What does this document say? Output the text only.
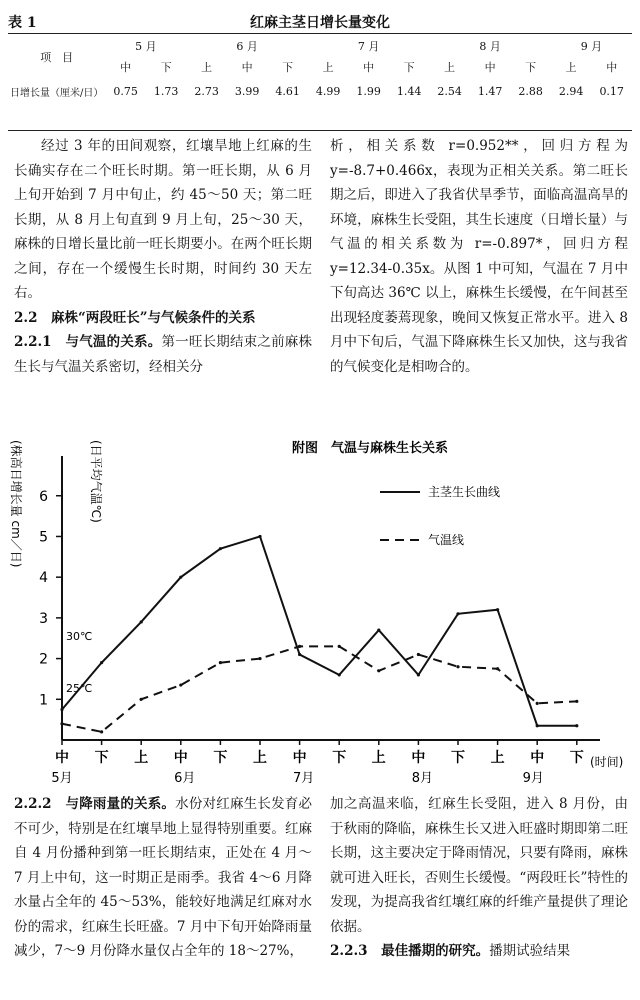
表 1	红麻主茎日增长量变化
项　目	5 月		6 月			7 月			8 月			9 月	
	中	下	上	中	下	上	中	下	上	中	下	上	中
日增长量（厘米/日）	0.75	1.73	2.73	3.99	4.61	4.99	1.99	1.44	2.54	1.47	2.88	2.94	0.17

经过 3 年的田间观察，红壤旱地上红麻的生长确实存在二个旺长时期。第一旺长期，从 6 月上旬开始到 7 月中旬止，约 45～50 天；第二旺长期，从 8 月上旬直到 9 月上旬，25～30 天，麻株的日增长量比前一旺长期要小。在两个旺长期之间，存在一个缓慢生长时期，时间约 30 天左右。

2.2　麻株“两段旺长”与气候条件的关系

2.2.1　与气温的关系。第一旺长期结束之前麻株生长与气温关系密切，经相关分

析，相关系数 r=0.952**，回归方程为 y=-8.7+0.466x，表现为正相关关系。第二旺长期之后，即进入了我省伏旱季节，面临高温高旱的环境，麻株生长受阻，其生长速度（日增长量）与气温的相关系数为 r=-0.897*，回归方程 y=12.34-0.35x。从图 1 中可知，气温在 7 月中下旬高达 36℃ 以上，麻株生长缓慢，在午间甚至出现轻度萎蔫现象，晚间又恢复正常水平。进入 8 月中下旬后，气温下降麻株生长又加快，这与我省的气候变化是相吻合的。

附图　气温与麻株生长关系
(株高日增长量 cm／日)	(日平均气温℃)
1
2
3
4
5
6
中 下 上 中 下 上 中 下 上 中 下 上 中 下
5月	6月	7月	8月	9月
30℃
25℃
主茎生长曲线
气温线
(时间)

2.2.2　与降雨量的关系。水份对红麻生长发育必不可少，特别是在红壤旱地上显得特别重要。红麻自 4 月份播种到第一旺长期结束，正处在 4 月～7 月上中旬，这一时期正是雨季。我省 4～6 月降水量占全年的 45～53%，能较好地满足红麻对水份的需求，红麻生长旺盛。7 月中下旬开始降雨量减少，7～9 月份降水量仅占全年的 18～27%，

加之高温来临，红麻生长受阻，进入 8 月份，由于秋雨的降临，麻株生长又进入旺盛时期即第二旺长期，这主要决定于降雨情况，只要有降雨，麻株就可进入旺长，否则生长缓慢。“两段旺长”特性的发现，为提高我省红壤红麻的纤维产量提供了理论依据。

2.2.3　最佳播期的研究。播期试验结果
